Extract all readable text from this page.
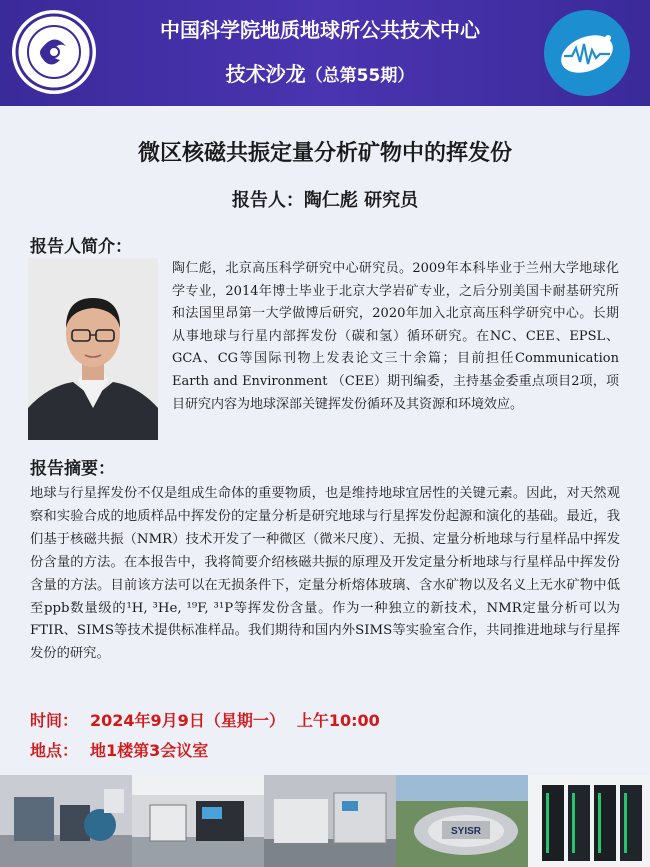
中国科学院地质地球所公共技术中心
技术沙龙（总第55期）
微区核磁共振定量分析矿物中的挥发份
报告人：陶仁彪 研究员
报告人简介：
陶仁彪，北京高压科学研究中心研究员。2009年本科毕业于兰州大学地球化学专业，2014年博士毕业于北京大学岩矿专业，之后分别美国卡耐基研究所和法国里昂第一大学做博后研究，2020年加入北京高压科学研究中心。长期从事地球与行星内部挥发份（碳和氢）循环研究。在NC、CEE、EPSL、GCA、CG等国际刊物上发表论文三十余篇；目前担任Communication Earth and Environment （CEE）期刊编委，主持基金委重点项目2项，项目研究内容为地球深部关键挥发份循环及其资源和环境效应。
报告摘要：
地球与行星挥发份不仅是组成生命体的重要物质，也是维持地球宜居性的关键元素。因此，对天然观察和实验合成的地质样品中挥发份的定量分析是研究地球与行星挥发份起源和演化的基础。最近，我们基于核磁共振（NMR）技术开发了一种微区（微米尺度）、无损、定量分析地球与行星样品中挥发份含量的方法。在本报告中，我将简要介绍核磁共振的原理及开发定量分析地球与行星样品中挥发份含量的方法。目前该方法可以在无损条件下，定量分析熔体玻璃、含水矿物以及名义上无水矿物中低至ppb数量级的¹H, ³He, ¹⁹F, ³¹P等挥发份含量。作为一种独立的新技术，NMR定量分析可以为FTIR、SIMS等技术提供标准样品。我们期待和国内外SIMS等实验室合作，共同推进地球与行星挥发份的研究。
时间： 2024年9月9日（星期一） 上午10:00
地点： 地1楼第3会议室
SYISR
